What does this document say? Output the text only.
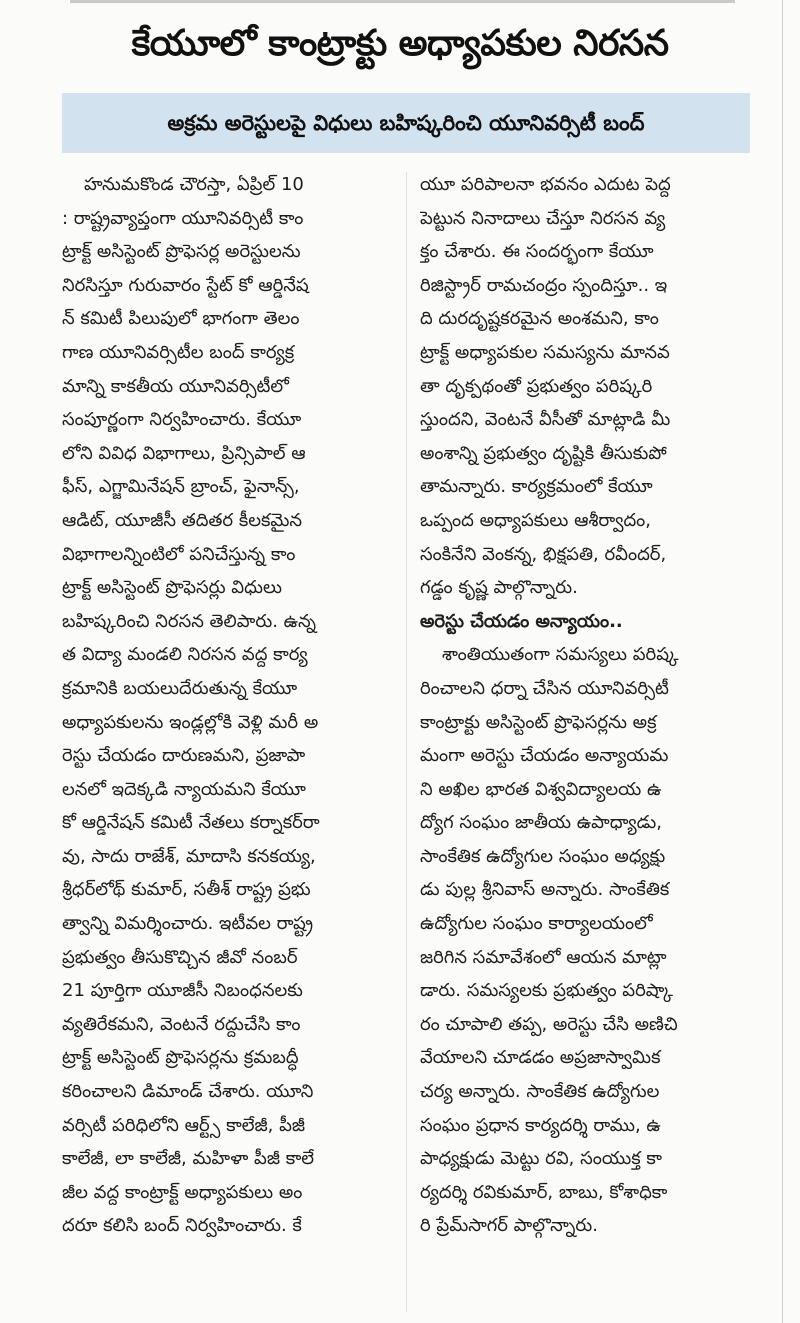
కేయూలో కాంట్రాక్టు అధ్యాపకుల నిరసన
అక్రమ అరెస్టులపై విధులు బహిష్కరించి యూనివర్సిటీ బంద్
హనుమకొండ చౌరస్తా, ఏప్రిల్ 10
: రాష్ట్రవ్యాప్తంగా యూనివర్సిటీ కాం
ట్రాక్ట్ అసిస్టెంట్ ప్రొఫెసర్ల అరెస్టులను
నిరసిస్తూ గురువారం స్టేట్ కో ఆర్డినేష
న్ కమిటీ పిలుపులో భాగంగా తెలం
గాణ యూనివర్సిటీల బంద్ కార్యక్ర
మాన్ని కాకతీయ యూనివర్సిటీలో
సంపూర్ణంగా నిర్వహించారు. కేయూ
లోని వివిధ విభాగాలు, ప్రిన్సిపాల్ ఆ
ఫీస్, ఎగ్జామినేషన్ బ్రాంచ్, ఫైనాన్స్,
ఆడిట్, యూజీసీ తదితర కీలకమైన
విభాగాలన్నింటిలో పనిచేస్తున్న కాం
ట్రాక్ట్ అసిస్టెంట్ ప్రొఫెసర్లు విధులు
బహిష్కరించి నిరసన తెలిపారు. ఉన్న
త విద్యా మండలి నిరసన వద్ద కార్య
క్రమానికి బయలుదేరుతున్న కేయూ
అధ్యాపకులను ఇండ్లల్లోకి వెళ్లి మరీ అ
రెస్టు చేయడం దారుణమని, ప్రజాపా
లనలో ఇదెక్కడి న్యాయమని కేయూ
కో ఆర్డినేషన్ కమిటీ నేతలు కర్నాకర్‌రా
వు, సాదు రాజేశ్, మాదాసి కనకయ్య,
శ్రీధర్‌లోథ్ కుమార్, సతీశ్ రాష్ట్ర ప్రభు
త్వాన్ని విమర్శించారు. ఇటీవల రాష్ట్ర
ప్రభుత్వం తీసుకొచ్చిన జీవో నంబర్
21 పూర్తిగా యూజీసీ నిబంధనలకు
వ్యతిరేకమని, వెంటనే రద్దుచేసి కాం
ట్రాక్ట్ అసిస్టెంట్ ప్రొఫెసర్లను క్రమబద్ధీ
కరించాలని డిమాండ్ చేశారు. యూని
వర్సిటీ పరిధిలోని ఆర్ట్స్ కాలేజీ, పీజీ
కాలేజీ, లా కాలేజీ, మహిళా పీజీ కాలే
జీల వద్ద కాంట్రాక్ట్ అధ్యాపకులు అం
దరూ కలిసి బంద్ నిర్వహించారు. కే
యూ పరిపాలనా భవనం ఎదుట పెద్ద
పెట్టున నినాదాలు చేస్తూ నిరసన వ్య
క్తం చేశారు. ఈ సందర్భంగా కేయూ
రిజిస్ట్రార్ రామచంద్రం స్పందిస్తూ.. ఇ
ది దురదృష్టకరమైన అంశమని, కాం
ట్రాక్ట్ అధ్యాపకుల సమస్యను మానవ
తా దృక్పథంతో ప్రభుత్వం పరిష్కరి
స్తుందని, వెంటనే వీసీతో మాట్లాడి మీ
అంశాన్ని ప్రభుత్వం దృష్టికి తీసుకుపో
తామన్నారు. కార్యక్రమంలో కేయూ
ఒప్పంద అధ్యాపకులు ఆశీర్వాదం,
సంకినేని వెంకన్న, భిక్షపతి, రవీందర్,
గడ్డం కృష్ణ పాల్గొన్నారు.
అరెస్టు చేయడం అన్యాయం..
శాంతియుతంగా సమస్యలు పరిష్క
రించాలని ధర్నా చేసిన యూనివర్సిటీ
కాంట్రాక్టు అసిస్టెంట్ ప్రొఫెసర్లను అక్ర
మంగా అరెస్టు చేయడం అన్యాయమ
ని అఖిల భారత విశ్వవిద్యాలయ ఉ
ద్యోగ సంఘం జాతీయ ఉపాధ్యాడు,
సాంకేతిక ఉద్యోగుల సంఘం అధ్యక్షు
డు పుల్ల శ్రీనివాస్ అన్నారు. సాంకేతిక
ఉద్యోగుల సంఘం కార్యాలయంలో
జరిగిన సమావేశంలో ఆయన మాట్లా
డారు. సమస్యలకు ప్రభుత్వం పరిష్కా
రం చూపాలి తప్ప, అరెస్టు చేసి అణిచి
వేయాలని చూడడం అప్రజాస్వామిక
చర్య అన్నారు. సాంకేతిక ఉద్యోగుల
సంఘం ప్రధాన కార్యదర్శి రాము, ఉ
పాధ్యక్షుడు మెట్టు రవి, సంయుక్త కా
ర్యదర్శి రవికుమార్, బాబు, కోశాధికా
రి ప్రేమ్‌సాగర్ పాల్గొన్నారు.
